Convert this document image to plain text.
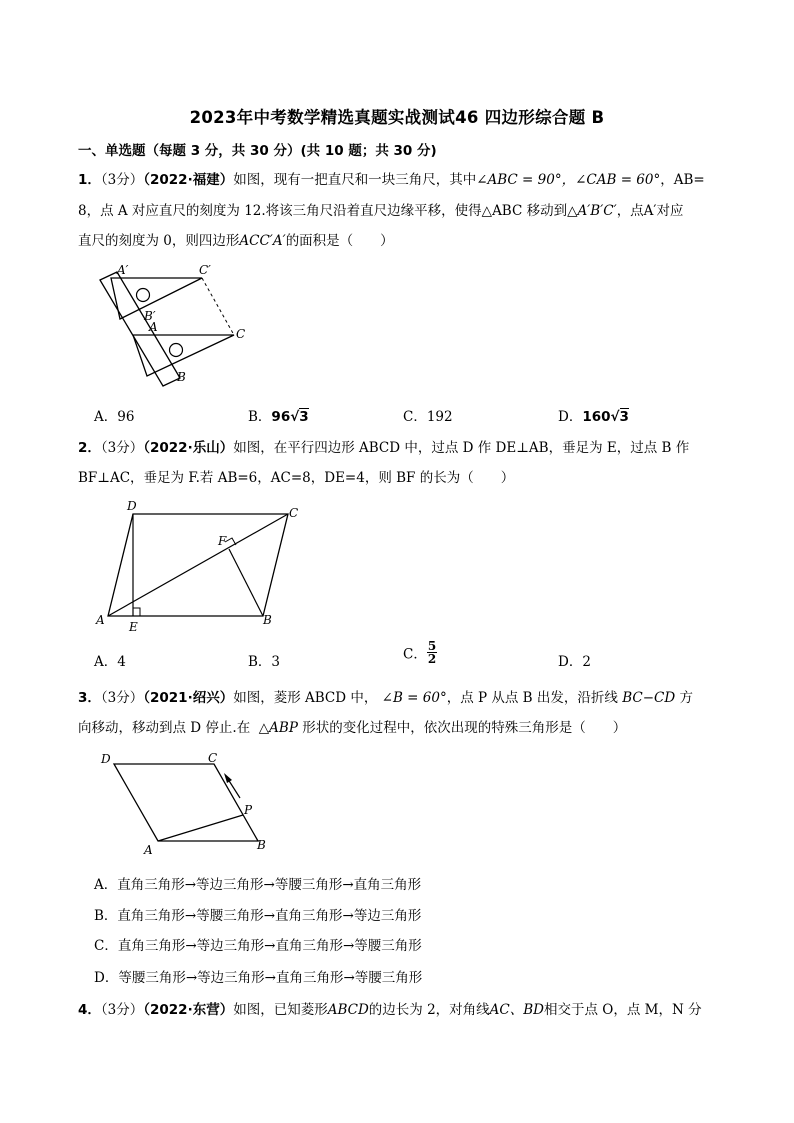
2023年中考数学精选真题实战测试46 四边形综合题 B
一、单选题（每题 3 分，共 30 分）(共 10 题；共 30 分)
1．（3分）（2022·福建）如图，现有一把直尺和一块三角尺，其中∠ABC = 90°，∠CAB = 60°，AB=
8，点 A 对应直尺的刻度为 12.将该三角尺沿着直尺边缘平移，使得△ABC 移动到△A′B′C′，点A′对应
直尺的刻度为 0，则四边形ACC′A′的面积是（　　）
A′	C′
B′
A	C
B
A．96	B．96√3	C．192	D．160√3
2．（3分）（2022·乐山）如图，在平行四边形 ABCD 中，过点 D 作 DE⊥AB，垂足为 E，过点 B 作
BF⊥AC，垂足为 F.若 AB=6，AC=8，DE=4，则 BF 的长为（　　）
D	C
F
A E	B
A．4	B．3	C． $\frac{5}{2}$	D．2
3．（3分）（2021·绍兴）如图，菱形 ABCD 中， ∠B = 60°，点 P 从点 B 出发，沿折线 BC−CD 方
向移动，移动到点 D 停止.在 △ABP 形状的变化过程中，依次出现的特殊三角形是（　　）
D	C
P
A	B
A．直角三角形→等边三角形→等腰三角形→直角三角形
B．直角三角形→等腰三角形→直角三角形→等边三角形
C．直角三角形→等边三角形→直角三角形→等腰三角形
D．等腰三角形→等边三角形→直角三角形→等腰三角形
4．（3分）（2022·东营）如图，已知菱形ABCD的边长为 2，对角线AC、BD相交于点 O，点 M，N 分
